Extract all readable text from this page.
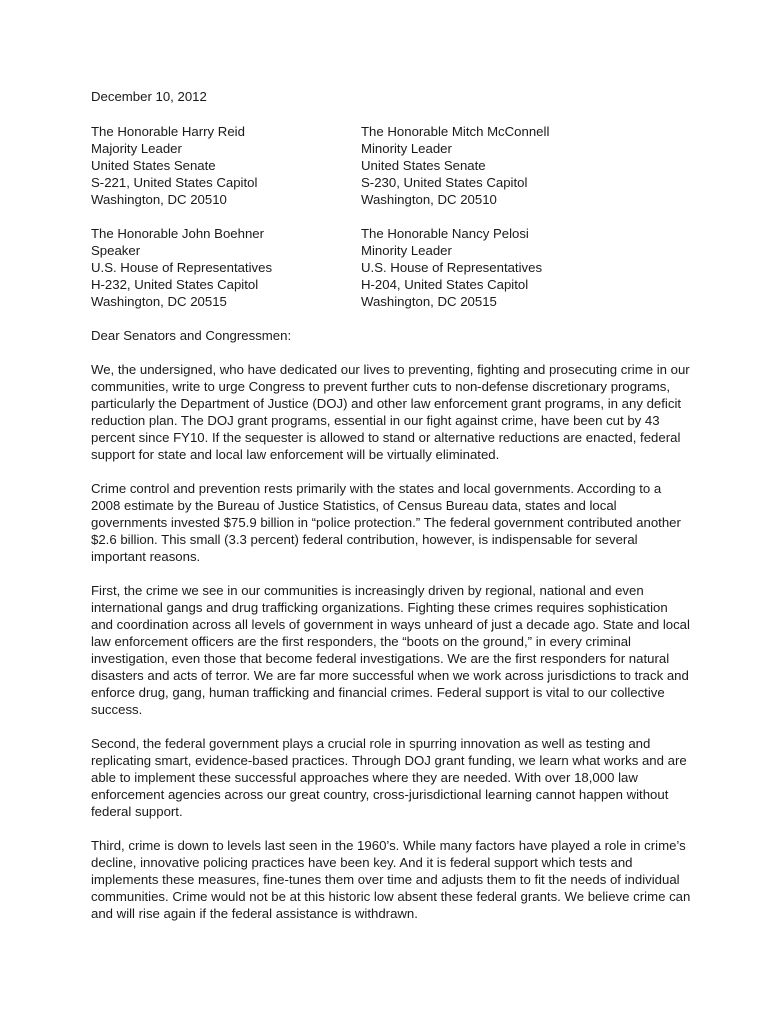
December 10, 2012
The Honorable Harry Reid
Majority Leader
United States Senate
S-221, United States Capitol
Washington, DC 20510
The Honorable Mitch McConnell
Minority Leader
United States Senate
S-230, United States Capitol
Washington, DC 20510
The Honorable John Boehner
Speaker
U.S. House of Representatives
H-232, United States Capitol
Washington, DC 20515
The Honorable Nancy Pelosi
Minority Leader
U.S. House of Representatives
H-204, United States Capitol
Washington, DC 20515
Dear Senators and Congressmen:

We, the undersigned, who have dedicated our lives to preventing, fighting and prosecuting crime in our communities, write to urge Congress to prevent further cuts to non-defense discretionary programs, particularly the Department of Justice (DOJ) and other law enforcement grant programs, in any deficit reduction plan. The DOJ grant programs, essential in our fight against crime, have been cut by 43 percent since FY10. If the sequester is allowed to stand or alternative reductions are enacted, federal support for state and local law enforcement will be virtually eliminated.

Crime control and prevention rests primarily with the states and local governments. According to a 2008 estimate by the Bureau of Justice Statistics, of Census Bureau data, states and local governments invested $75.9 billion in “police protection.” The federal government contributed another $2.6 billion. This small (3.3 percent) federal contribution, however, is indispensable for several important reasons.

First, the crime we see in our communities is increasingly driven by regional, national and even international gangs and drug trafficking organizations. Fighting these crimes requires sophistication and coordination across all levels of government in ways unheard of just a decade ago. State and local law enforcement officers are the first responders, the “boots on the ground,” in every criminal investigation, even those that become federal investigations. We are the first responders for natural disasters and acts of terror. We are far more successful when we work across jurisdictions to track and enforce drug, gang, human trafficking and financial crimes. Federal support is vital to our collective success.

Second, the federal government plays a crucial role in spurring innovation as well as testing and replicating smart, evidence-based practices. Through DOJ grant funding, we learn what works and are able to implement these successful approaches where they are needed. With over 18,000 law enforcement agencies across our great country, cross-jurisdictional learning cannot happen without federal support.

Third, crime is down to levels last seen in the 1960’s. While many factors have played a role in crime’s decline, innovative policing practices have been key. And it is federal support which tests and implements these measures, fine-tunes them over time and adjusts them to fit the needs of individual communities. Crime would not be at this historic low absent these federal grants. We believe crime can and will rise again if the federal assistance is withdrawn.
